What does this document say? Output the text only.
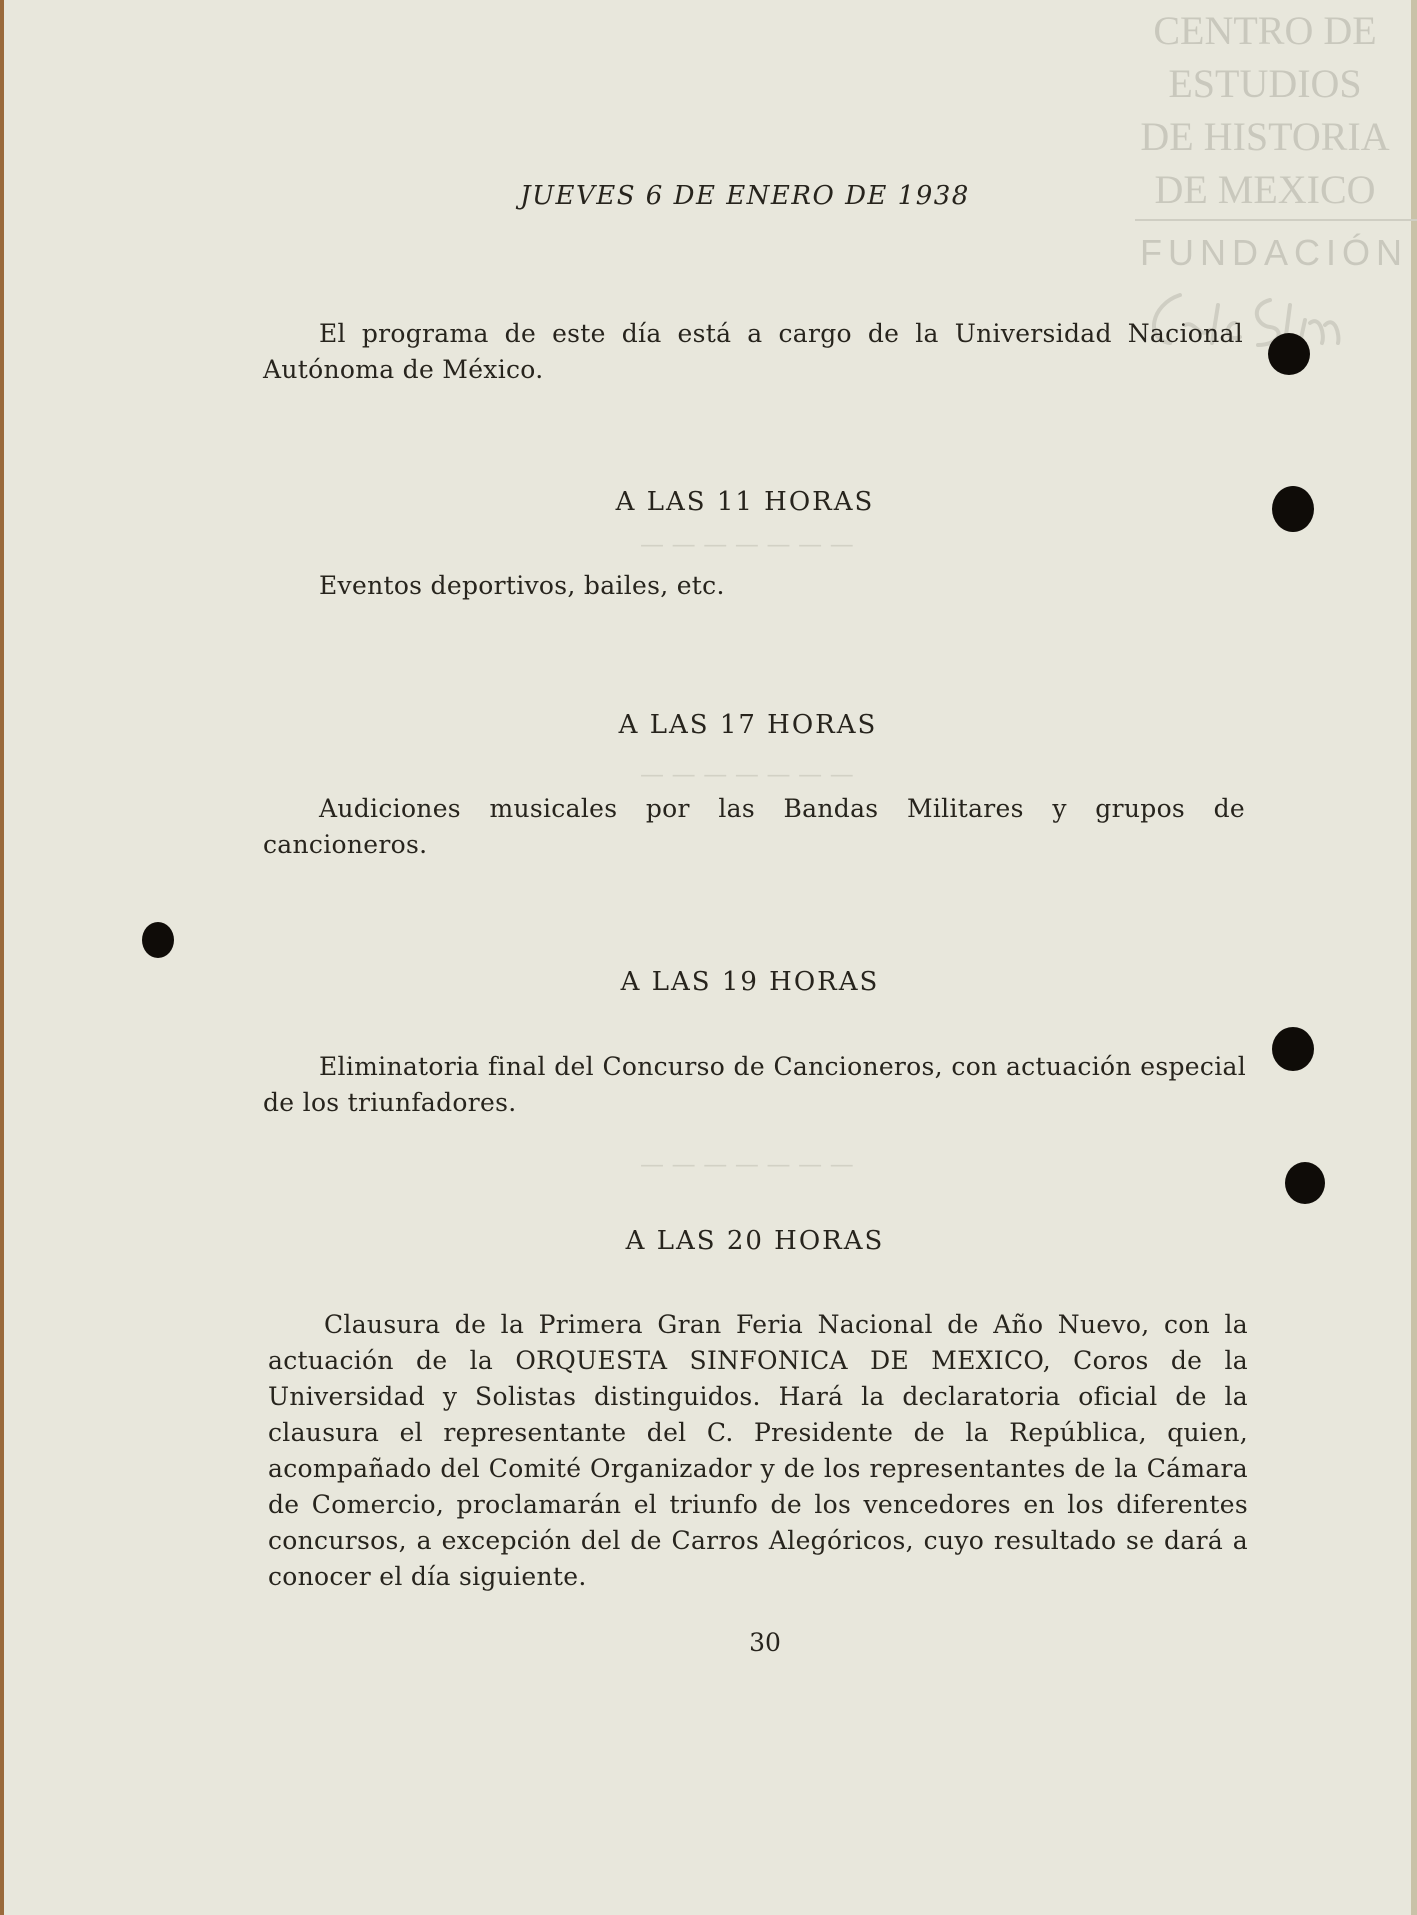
— — — — — — —
— — — — — — —
— — — — — — —
CENTRO DE
ESTUDIOS
DE HISTORIA
DE MEXICO
FUNDACIÓN
JUEVES 6 DE ENERO DE 1938
El programa de este día está a cargo de la Universidad Nacional Autónoma de México.
A LAS 11 HORAS
Eventos deportivos, bailes, etc.
A LAS 17 HORAS
Audiciones musicales por las Bandas Militares y grupos de cancioneros.
A LAS 19 HORAS
Eliminatoria final del Concurso de Cancioneros, con actuación especial de los triunfadores.
A LAS 20 HORAS
Clausura de la Primera Gran Feria Nacional de Año Nuevo, con la actuación de la ORQUESTA SINFONICA DE MEXICO, Coros de la Universidad y Solistas distinguidos. Hará la declaratoria oficial de la clausura el representante del C. Presidente de la República, quien, acompañado del Comité Organizador y de los representantes de la Cámara de Comercio, proclamarán el triunfo de los vencedores en los diferentes concursos, a excepción del de Carros Alegóricos, cuyo resultado se dará a conocer el día siguiente.
30
